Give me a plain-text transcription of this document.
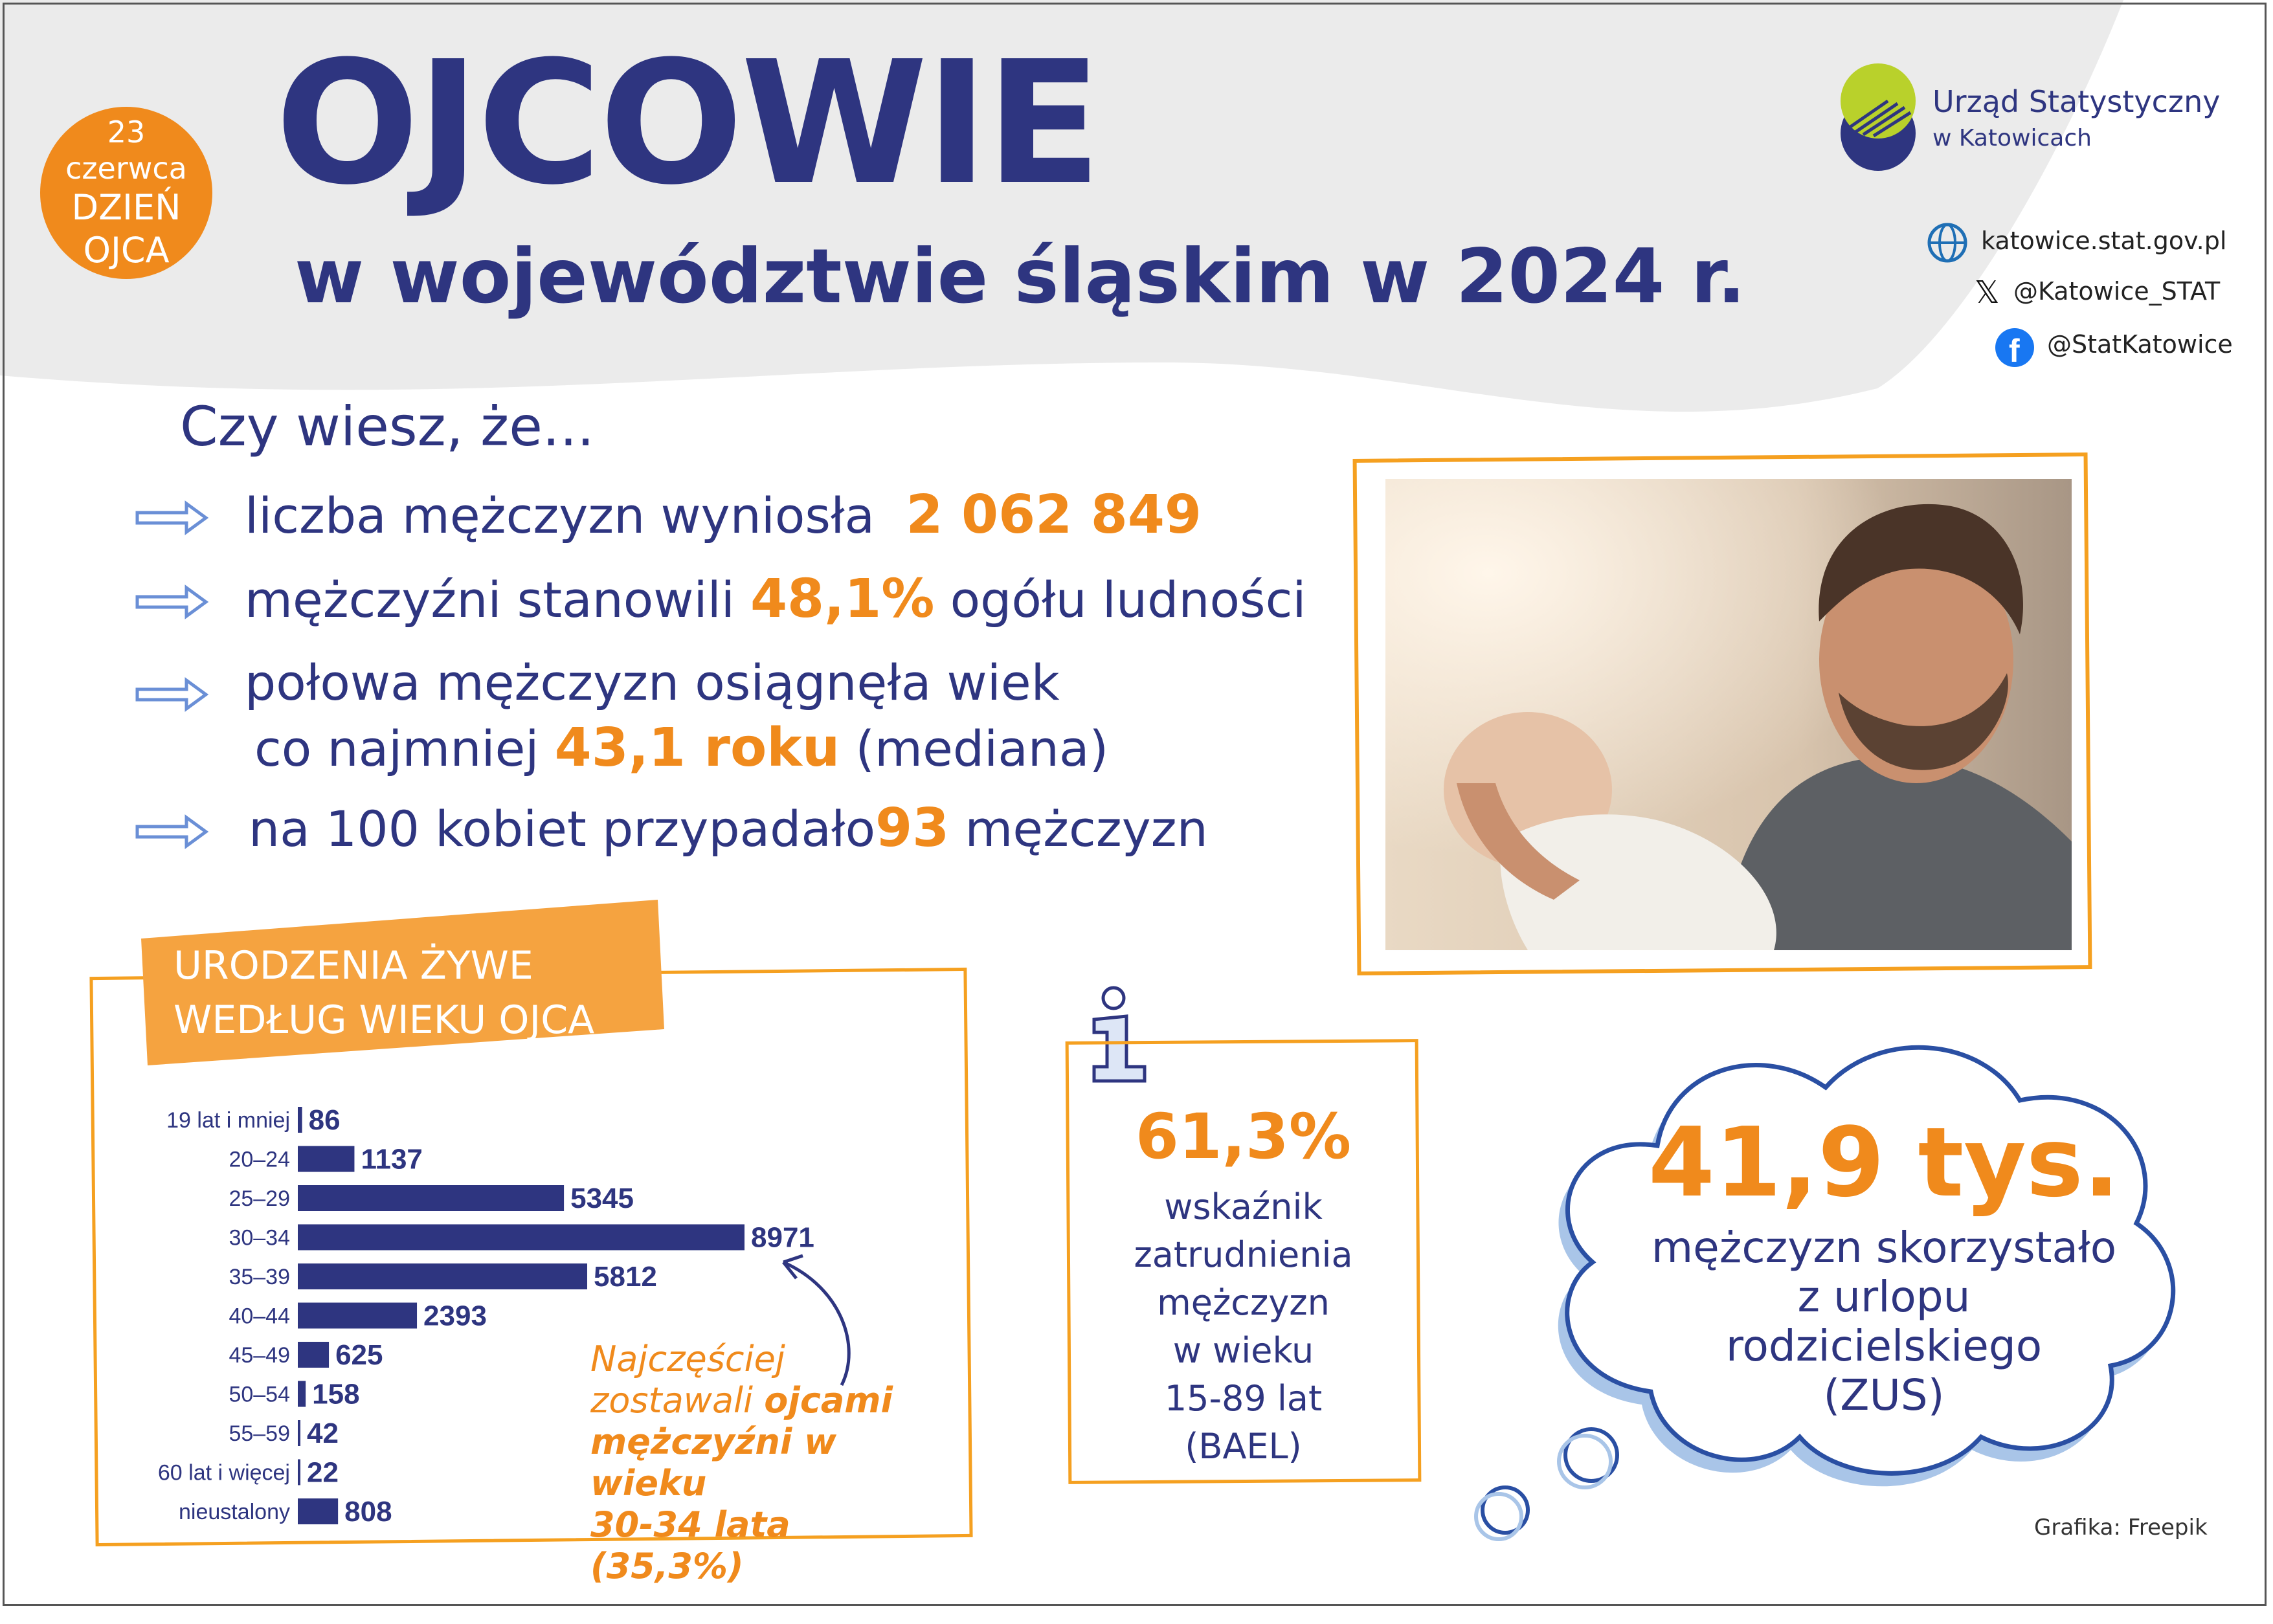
23
czerwca
DZIEŃ
OJCA
OJCOWIE
w województwie śląskim w 2024 r.
Urząd Statystyczny
w Katowicach
katowice.stat.gov.pl
𝕏 @Katowice_STAT
f @StatKatowice
Czy wiesz, że...
liczba mężczyzn wyniosła 2 062 849
mężczyźni stanowili 48,1% ogółu ludności
połowa mężczyzn osiągnęła wiek
co najmniej 43,1 roku (mediana)
na 100 kobiet przypadało93 mężczyzn
URODZENIA ŻYWE
WEDŁUG WIEKU OJCA
19 lat i mniej 86
20–24 1137
25–29	5345
30–34	8971
35–39	5812
40–44	2393
45–49 625
50–54 158
55–59 42
60 lat i więcej 22
nieustalony 808
Najczęściej
zostawali ojcami
mężczyźni w wieku
30-34 lata (35,3%)
61,3%
wskaźnik
zatrudnienia
mężczyzn
w wieku
15-89 lat
(BAEL)
41,9 tys.
mężczyzn skorzystało
z urlopu
rodzicielskiego
(ZUS)
Grafika: Freepik
